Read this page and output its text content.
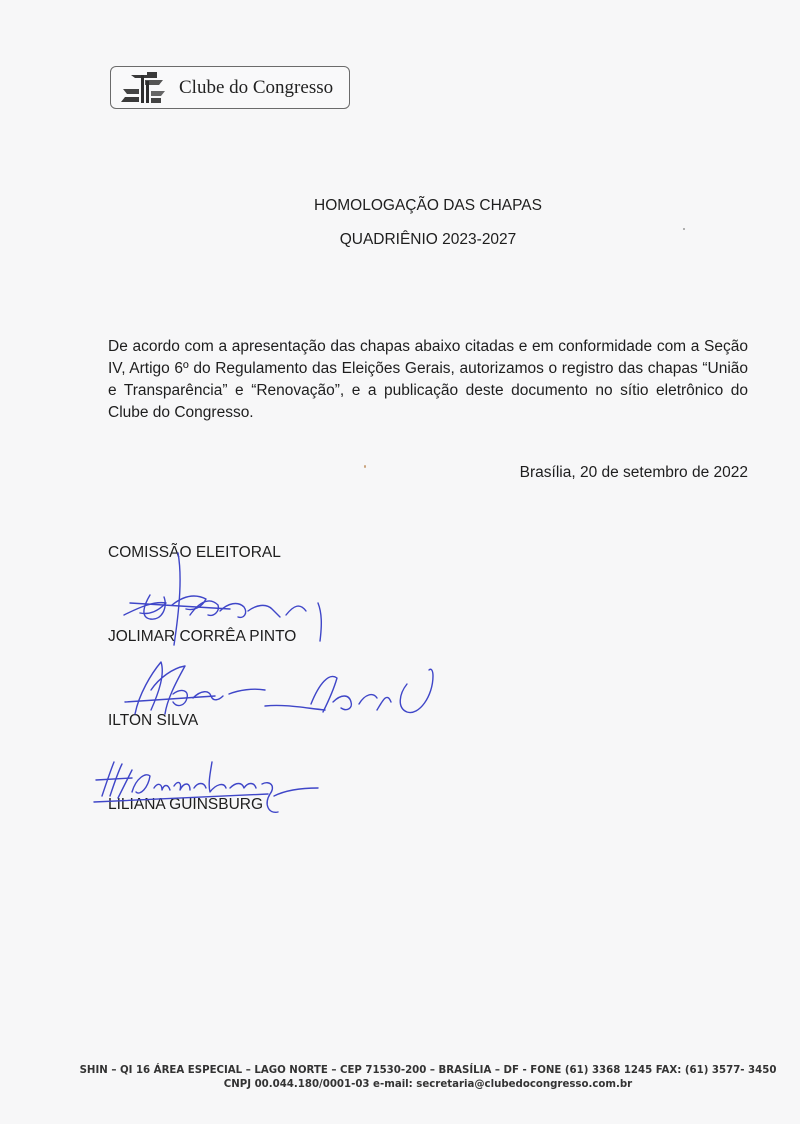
Clube do Congresso
HOMOLOGAÇÃO DAS CHAPAS
QUADRIÊNIO 2023-2027
De acordo com a apresentação das chapas abaixo citadas e em conformidade com a Seção IV, Artigo 6º do Regulamento das Eleições Gerais, autorizamos o registro das chapas “União e Transparência” e “Renovação”, e a publicação deste documento no sítio eletrônico do Clube do Congresso.
Brasília, 20 de setembro de 2022
COMISSÃO ELEITORAL
JOLIMAR CORRÊA PINTO
ILTON SILVA
LILIANA GUINSBURG
SHIN – QI 16 ÁREA ESPECIAL – LAGO NORTE – CEP 71530-200 – BRASÍLIA – DF - FONE (61) 3368 1245 FAX: (61) 3577- 3450
CNPJ 00.044.180/0001-03 e-mail: secretaria@clubedocongresso.com.br
